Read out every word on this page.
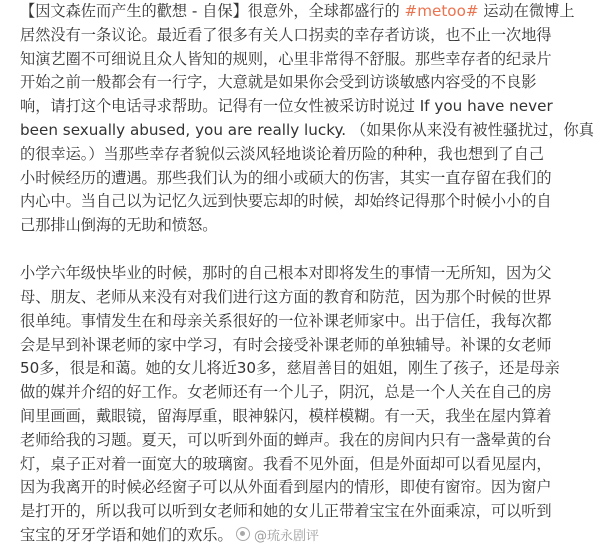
【因文森佐而产生的歡想 - 自保】很意外，全球都盛行的 #metoo# 运动在微博上
居然没有一条议论。最近看了很多有关人口拐卖的幸存者访谈，也不止一次地得
知演艺圈不可细说且众人皆知的规则，心里非常得不舒服。那些幸存者的纪录片
开始之前一般都会有一行字，大意就是如果你会受到访谈敏感内容受的不良影
响，请打这个电话寻求帮助。记得有一位女性被采访时说过 If you have never
been sexually abused, you are really lucky. （如果你从来没有被性骚扰过，你真
的很幸运。）当那些幸存者貌似云淡风轻地谈论着历险的种种，我也想到了自己
小时候经历的遭遇。那些我们认为的细小或硕大的伤害，其实一直存留在我们的
内心中。当自己以为记忆久远到快要忘却的时候，却始终记得那个时候小小的自
己那排山倒海的无助和愤怒。
小学六年级快毕业的时候，那时的自己根本对即将发生的事情一无所知，因为父
母、朋友、老师从来没有对我们进行这方面的教育和防范，因为那个时候的世界
很单纯。事情发生在和母亲关系很好的一位补课老师家中。出于信任，我每次都
会是早到补课老师的家中学习，有时会接受补课老师的单独辅导。补课的女老师
50多，很是和蔼。她的女儿将近30多，慈眉善目的姐姐，刚生了孩子，还是母亲
做的媒并介绍的好工作。女老师还有一个儿子，阴沉，总是一个人关在自己的房
间里画画，戴眼镜，留海厚重，眼神躲闪，模样模糊。有一天，我坐在屋内算着
老师给我的习题。夏天，可以听到外面的蝉声。我在的房间内只有一盏晕黄的台
灯，桌子正对着一面宽大的玻璃窗。我看不见外面，但是外面却可以看见屋内，
因为我离开的时候必经窗子可以从外面看到屋内的情形，即使有窗帘。因为窗户
是打开的，所以我可以听到女老师和她的女儿正带着宝宝在外面乘凉，可以听到
宝宝的牙牙学语和她们的欢乐。	@琉永剧评
